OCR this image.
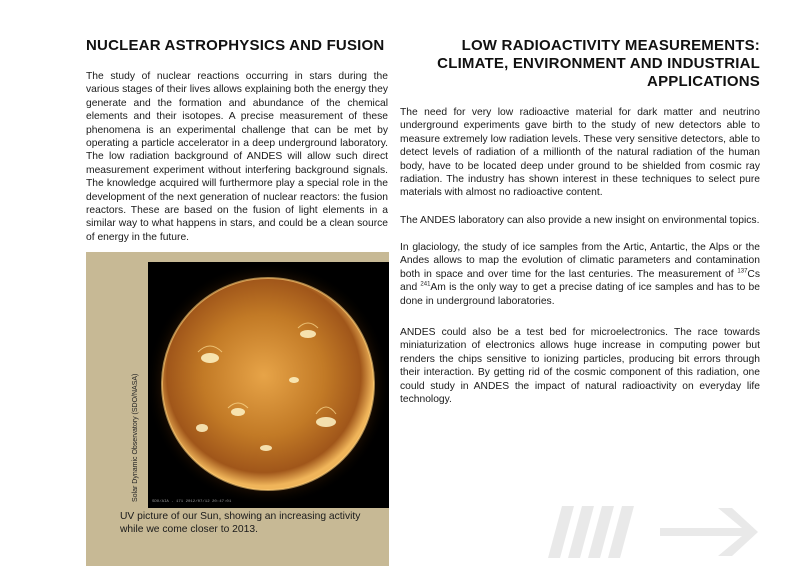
NUCLEAR ASTROPHYSICS AND FUSION

The study of nuclear reactions occurring in stars during the various stages of their lives allows explaining both the energy they generate and the formation and abundance of the chemical elements and their isotopes. A precise measurement of these phenomena is an experimental challenge that can be met by operating a particle accelerator in a deep underground laboratory. The low radiation background of ANDES will allow such direct measurement experiment without interfering background signals. The knowledge acquired will furthermore play a special role in the development of the next generation of nuclear reactors: the fusion reactors. These are based on the fusion of light elements in a similar way to what happens in stars, and could be a clean source of energy in the future.

SDO/AIA - 171 2012/07/12 20:47:01
Solar Dynamic Observatory (SDO/NASA)
UV picture of our Sun, showing an increasing activity while we come closer to 2013.
LOW RADIOACTIVITY MEASUREMENTS:
CLIMATE, ENVIRONMENT AND INDUSTRIAL
APPLICATIONS

The need for very low radioactive material for dark matter and neutrino underground experiments gave birth to the study of new detectors able to measure extremely low radiation levels. These very sensitive detectors, able to detect levels of radiation of a millionth of the natural radiation of the human body, have to be located deep under ground to be shielded from cosmic ray radiation. The industry has shown interest in these techniques to select pure materials with almost no radioactive content.

The ANDES laboratory can also provide a new insight on environmental topics.

In glaciology, the study of ice samples from the Artic, Antartic, the Alps or the Andes allows to map the evolution of climatic parameters and contamination both in space and over time for the last centuries. The measurement of $^{137}$Cs and $^{241}$Am is the only way to get a precise dating of ice samples and has to be done in underground laboratories.

ANDES could also be a test bed for microelectronics. The race towards miniaturization of electronics allows huge increase in computing power but renders the chips sensitive to ionizing particles, producing bit errors through their interaction. By getting rid of the cosmic component of this radiation, one could study in ANDES the impact of natural radioactivity on everyday life technology.
